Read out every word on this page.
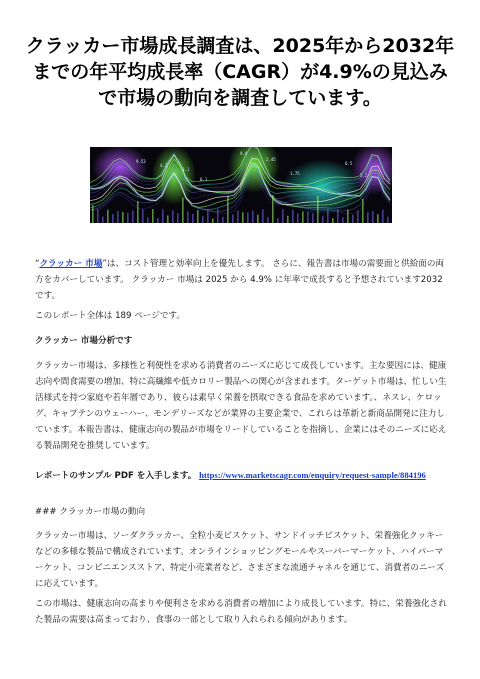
クラッカー市場成長調査は、2025年から2032年までの年平均成長率（CAGR）が4.9%の見込みで市場の動向を調査しています。
9.53
4.2
3.1
9.4
2.45
8.1
1.75
6.5
5.2

“クラッカー 市場”は、コスト管理と効率向上を優先します。 さらに、報告書は市場の需要面と供給面の両方をカバーしています。 クラッカー 市場は 2025 から 4.9% に年率で成長すると予想されています2032 です。

このレポート全体は 189 ページです。

クラッカー 市場分析です

クラッカー市場は、多様性と利便性を求める消費者のニーズに応じて成長しています。主な要因には、健康志向や間食需要の増加、特に高繊維や低カロリー製品への関心が含まれます。ターゲット市場は、忙しい生活様式を持つ家庭や若年層であり、彼らは素早く栄養を摂取できる食品を求めています。、ネスレ、ケロッグ、キャプテンのウェーハー、モンデリーズなどが業界の主要企業で、これらは革新と新商品開発に注力しています。本報告書は、健康志向の製品が市場をリードしていることを指摘し、企業にはそのニーズに応える製品開発を推奨しています。

レポートのサンプル PDF を入手します。 https://www.marketscagr.com/enquiry/request-sample/884196

### クラッカー市場の動向

クラッカー市場は、ソーダクラッカー、全粒小麦ビスケット、サンドイッチビスケット、栄養強化クッキーなどの多様な製品で構成されています。オンラインショッピングモールやスーパーマーケット、ハイパーマーケット、コンビニエンスストア、特定小売業者など、さまざまな流通チャネルを通じて、消費者のニーズに応えています。

この市場は、健康志向の高まりや便利さを求める消費者の増加により成長しています。特に、栄養強化された製品の需要は高まっており、食事の一部として取り入れられる傾向があります。
